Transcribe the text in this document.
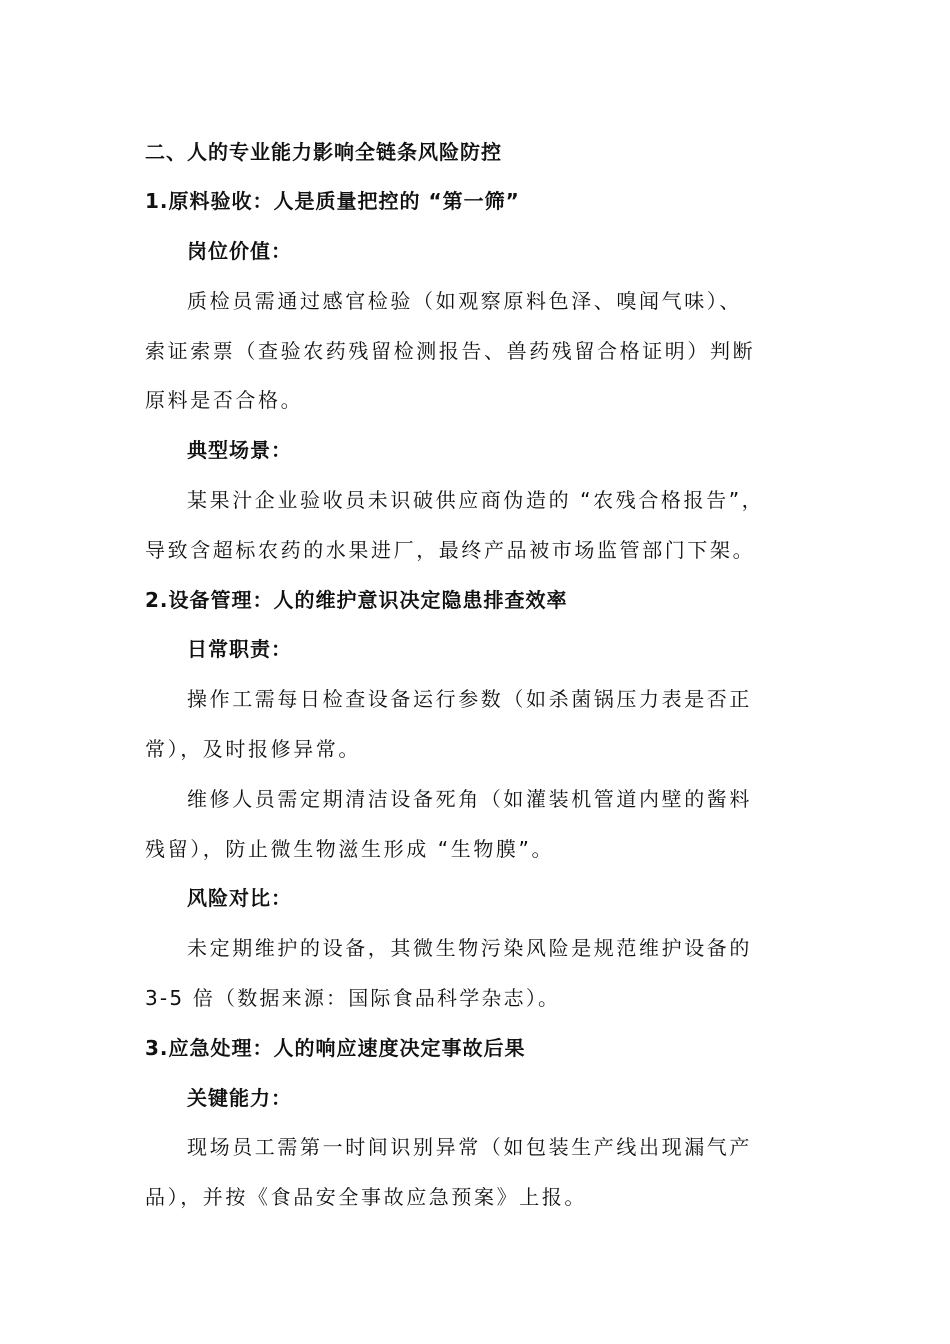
二、人的专业能力影响全链条风险防控
1.原料验收：人是质量把控的 “第一筛”
岗位价值：
质检员需通过感官检验（如观察原料色泽、嗅闻气味）、
索证索票（查验农药残留检测报告、兽药残留合格证明）判断
原料是否合格。
典型场景：
某果汁企业验收员未识破供应商伪造的 “农残合格报告”，
导致含超标农药的水果进厂，最终产品被市场监管部门下架。
2.设备管理：人的维护意识决定隐患排查效率
日常职责：
操作工需每日检查设备运行参数（如杀菌锅压力表是否正
常），及时报修异常。
维修人员需定期清洁设备死角（如灌装机管道内壁的酱料
残留），防止微生物滋生形成 “生物膜”。
风险对比：
未定期维护的设备，其微生物污染风险是规范维护设备的
3-5 倍（数据来源：国际食品科学杂志）。
3.应急处理：人的响应速度决定事故后果
关键能力：
现场员工需第一时间识别异常（如包装生产线出现漏气产
品），并按《食品安全事故应急预案》上报。
